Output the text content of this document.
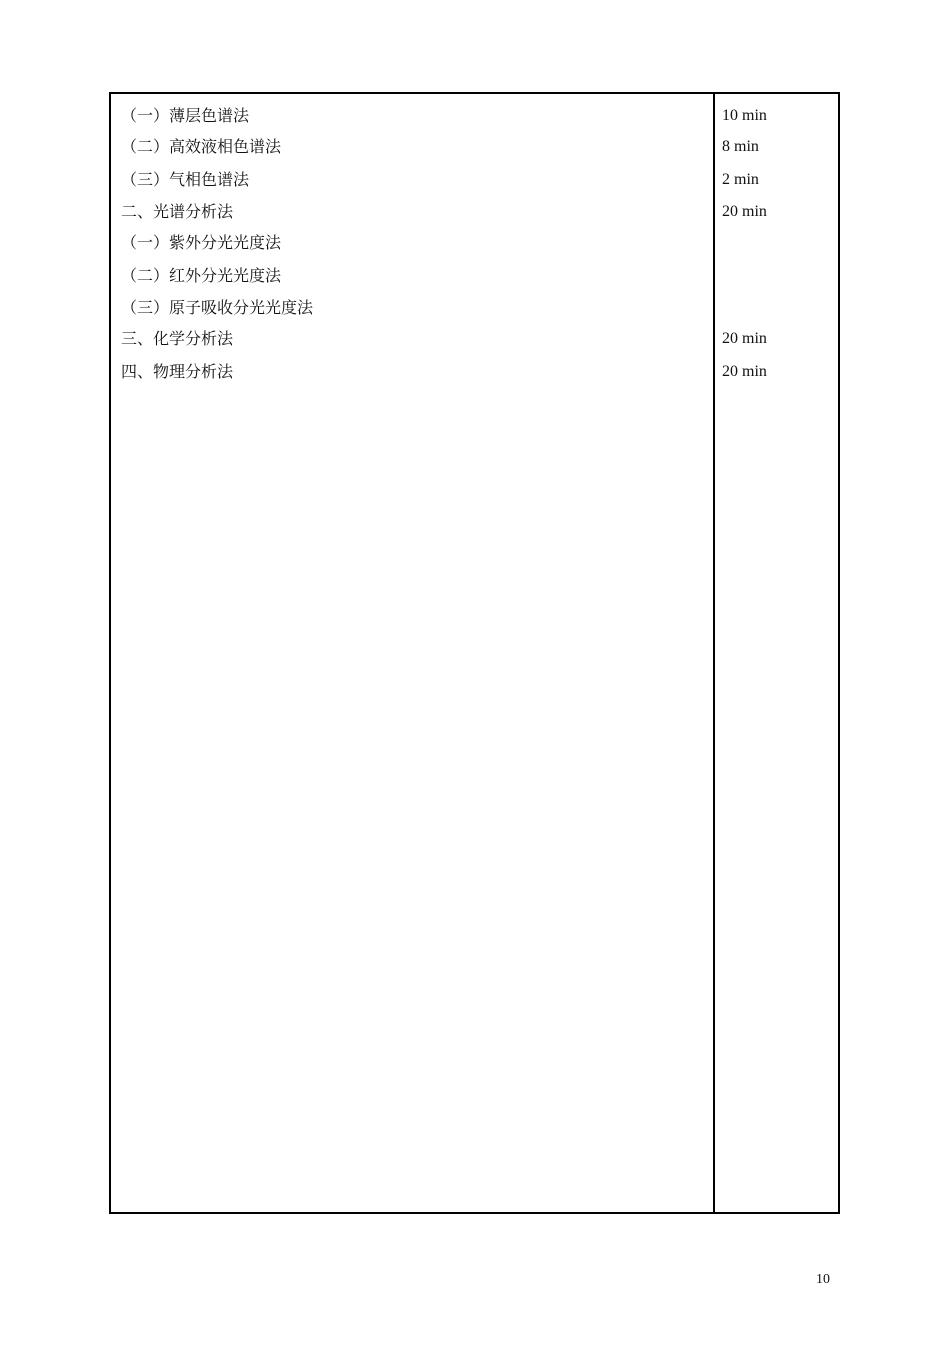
（一）薄层色谱法	10 min
（二）高效液相色谱法	8 min
（三）气相色谱法	2 min
二、光谱分析法	20 min
（一）紫外分光光度法
（二）红外分光光度法
（三）原子吸收分光光度法
三、化学分析法	20 min
四、物理分析法	20 min
10
